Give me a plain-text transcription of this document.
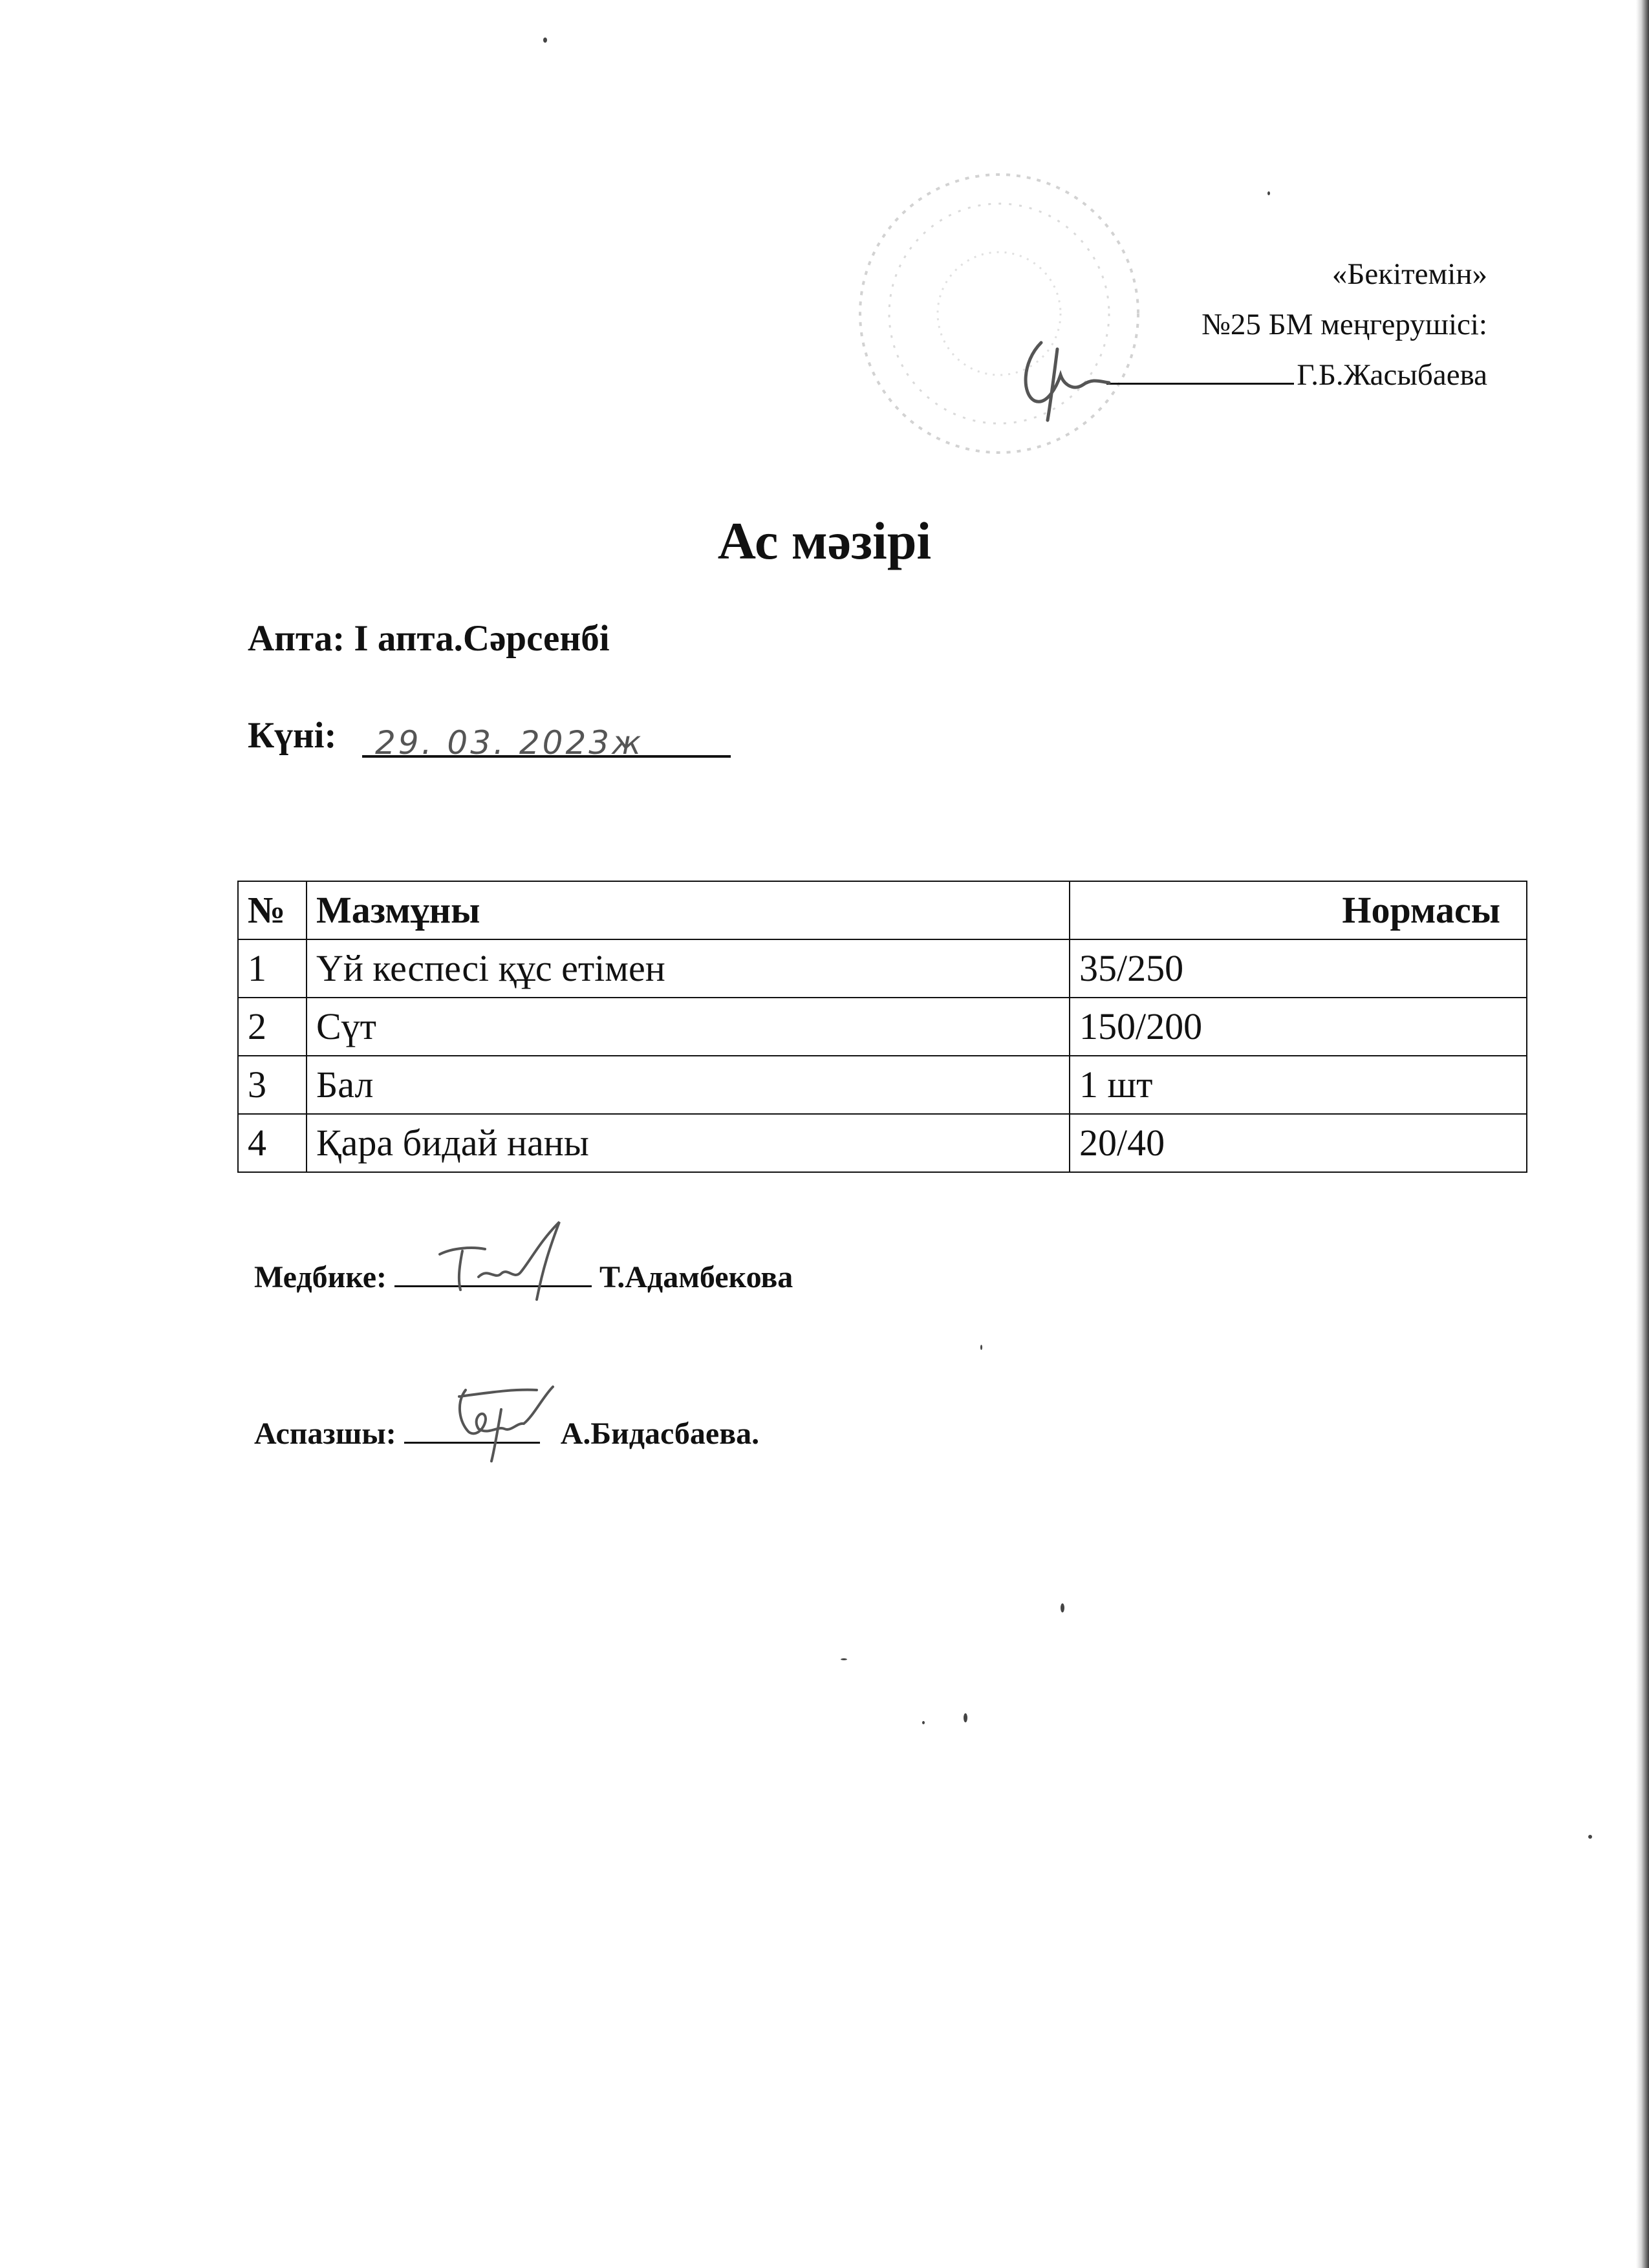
«Бекітемін»
№25 БМ меңгерушісі:
Г.Б.Жасыбаева
Ас мәзірі
Апта: І апта.Сәрсенбі
Күні: 29. 03. 2023ж
№	Мазмұны	Нормасы
1	Үй кеспесі құс етімен	35/250
2	Сүт	150/200
3	Бал	1 шт
4	Қара бидай наны	20/40
Медбике:	Т.Адамбекова
Аспазшы:	А.Бидасбаева.
